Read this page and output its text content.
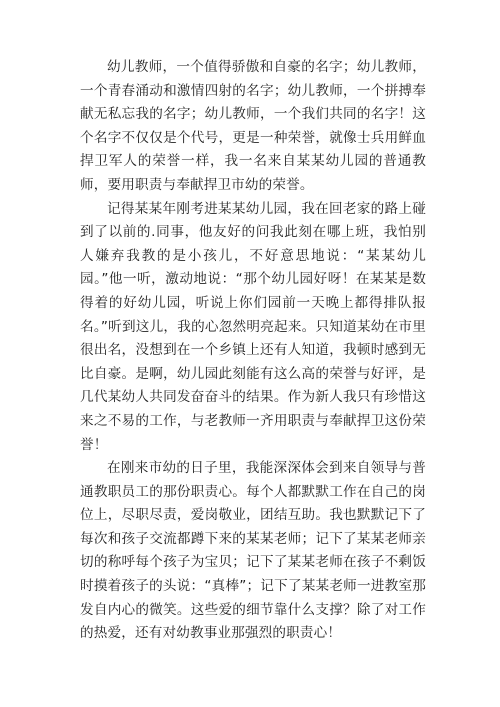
幼儿教师，一个值得骄傲和自豪的名字；幼儿教师，一个青春涌动和激情四射的名字；幼儿教师，一个拼搏奉献无私忘我的名字；幼儿教师，一个我们共同的名字！这个名字不仅仅是个代号，更是一种荣誉，就像士兵用鲜血捍卫军人的荣誉一样，我一名来自某某幼儿园的普通教师，要用职责与奉献捍卫市幼的荣誉。

记得某某年刚考进某某幼儿园，我在回老家的路上碰到了以前的.同事，他友好的问我此刻在哪上班，我怕别人嫌弃我教的是小孩儿，不好意思地说：“某某幼儿园。”他一听，激动地说：“那个幼儿园好呀！在某某是数得着的好幼儿园，听说上你们园前一天晚上都得排队报名。”听到这儿，我的心忽然明亮起来。只知道某幼在市里很出名，没想到在一个乡镇上还有人知道，我顿时感到无比自豪。是啊，幼儿园此刻能有这么高的荣誉与好评，是几代某幼人共同发奋奋斗的结果。作为新人我只有珍惜这来之不易的工作，与老教师一齐用职责与奉献捍卫这份荣誉！

在刚来市幼的日子里，我能深深体会到来自领导与普通教职员工的那份职责心。每个人都默默工作在自己的岗位上，尽职尽责，爱岗敬业，团结互助。我也默默记下了每次和孩子交流都蹲下来的某某老师；记下了某某老师亲切的称呼每个孩子为宝贝；记下了某某老师在孩子不剩饭时摸着孩子的头说：“真棒”；记下了某某老师一进教室那发自内心的微笑。这些爱的细节靠什么支撑？除了对工作的热爱，还有对幼教事业那强烈的职责心！
